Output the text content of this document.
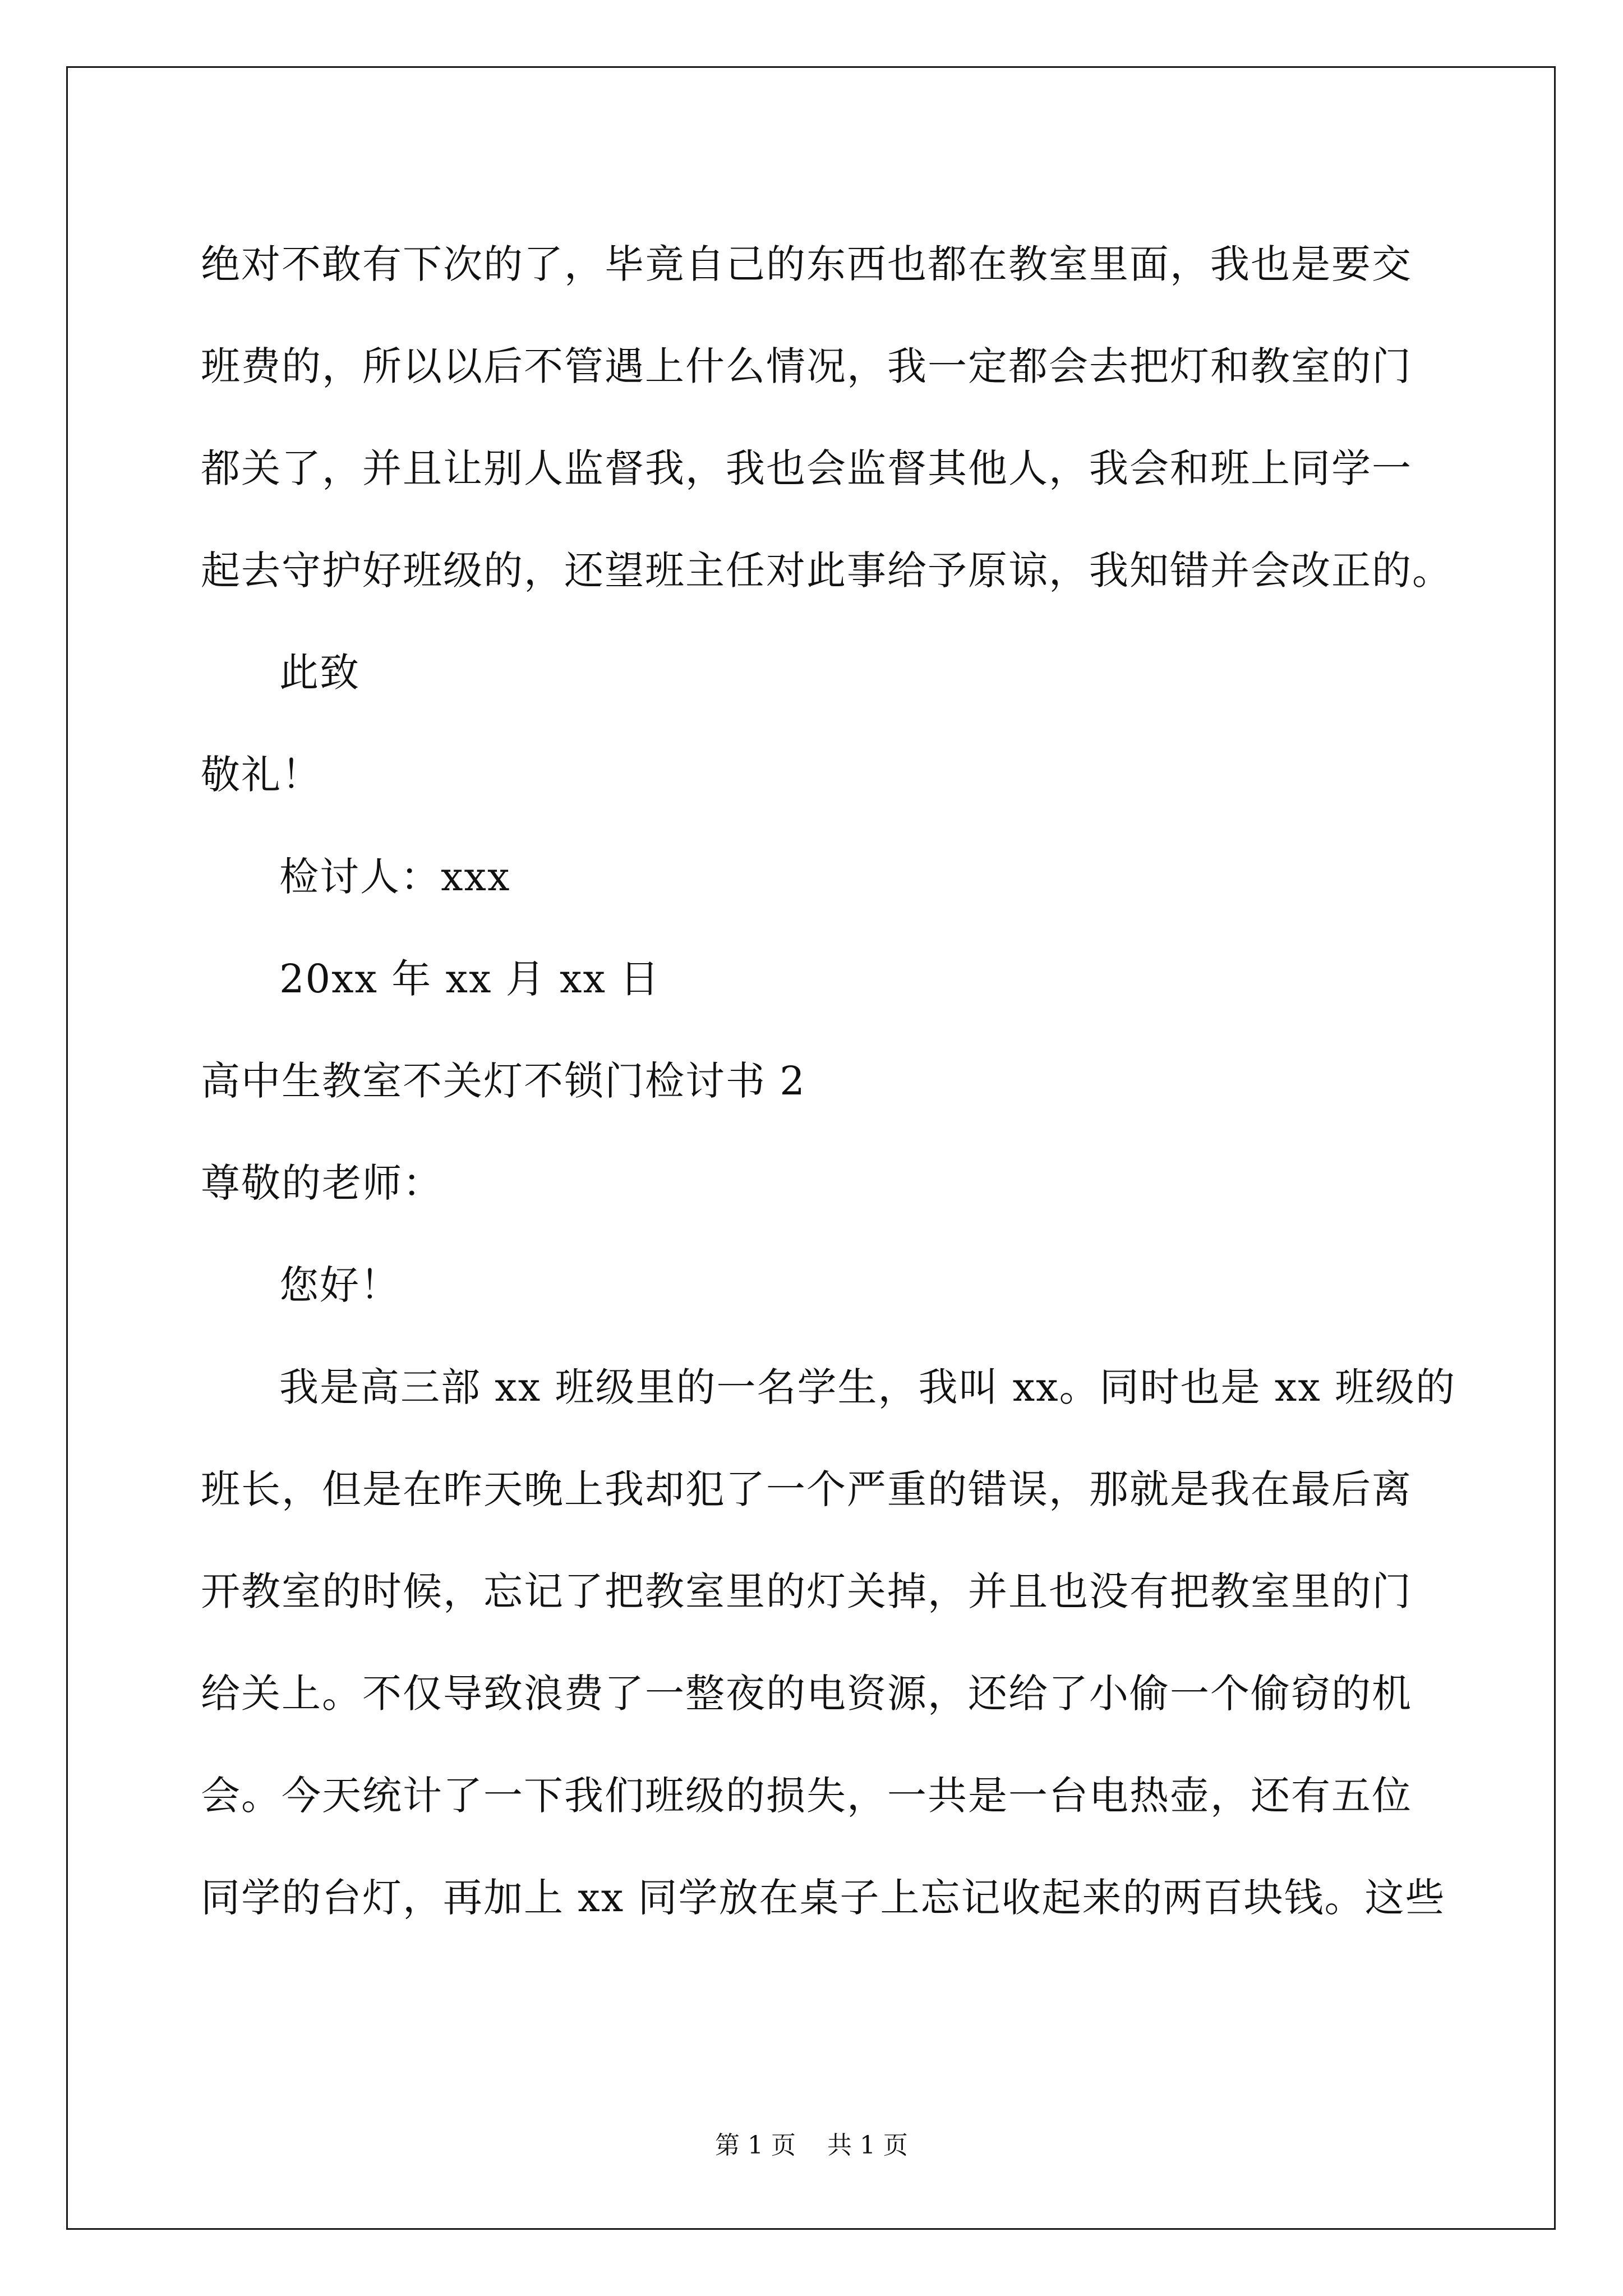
绝对不敢有下次的了，毕竟自己的东西也都在教室里面，我也是要交
班费的，所以以后不管遇上什么情况，我一定都会去把灯和教室的门
都关了，并且让别人监督我，我也会监督其他人，我会和班上同学一
起去守护好班级的，还望班主任对此事给予原谅，我知错并会改正的。
此致
敬礼！
检讨人：xxx
20xx 年 xx 月 xx 日
高中生教室不关灯不锁门检讨书 2
尊敬的老师：
您好！
我是高三部 xx 班级里的一名学生，我叫 xx。同时也是 xx 班级的
班长，但是在昨天晚上我却犯了一个严重的错误，那就是我在最后离
开教室的时候，忘记了把教室里的灯关掉，并且也没有把教室里的门
给关上。不仅导致浪费了一整夜的电资源，还给了小偷一个偷窃的机
会。今天统计了一下我们班级的损失，一共是一台电热壶，还有五位
同学的台灯，再加上 xx 同学放在桌子上忘记收起来的两百块钱。这些
第 1 页    共 1 页
